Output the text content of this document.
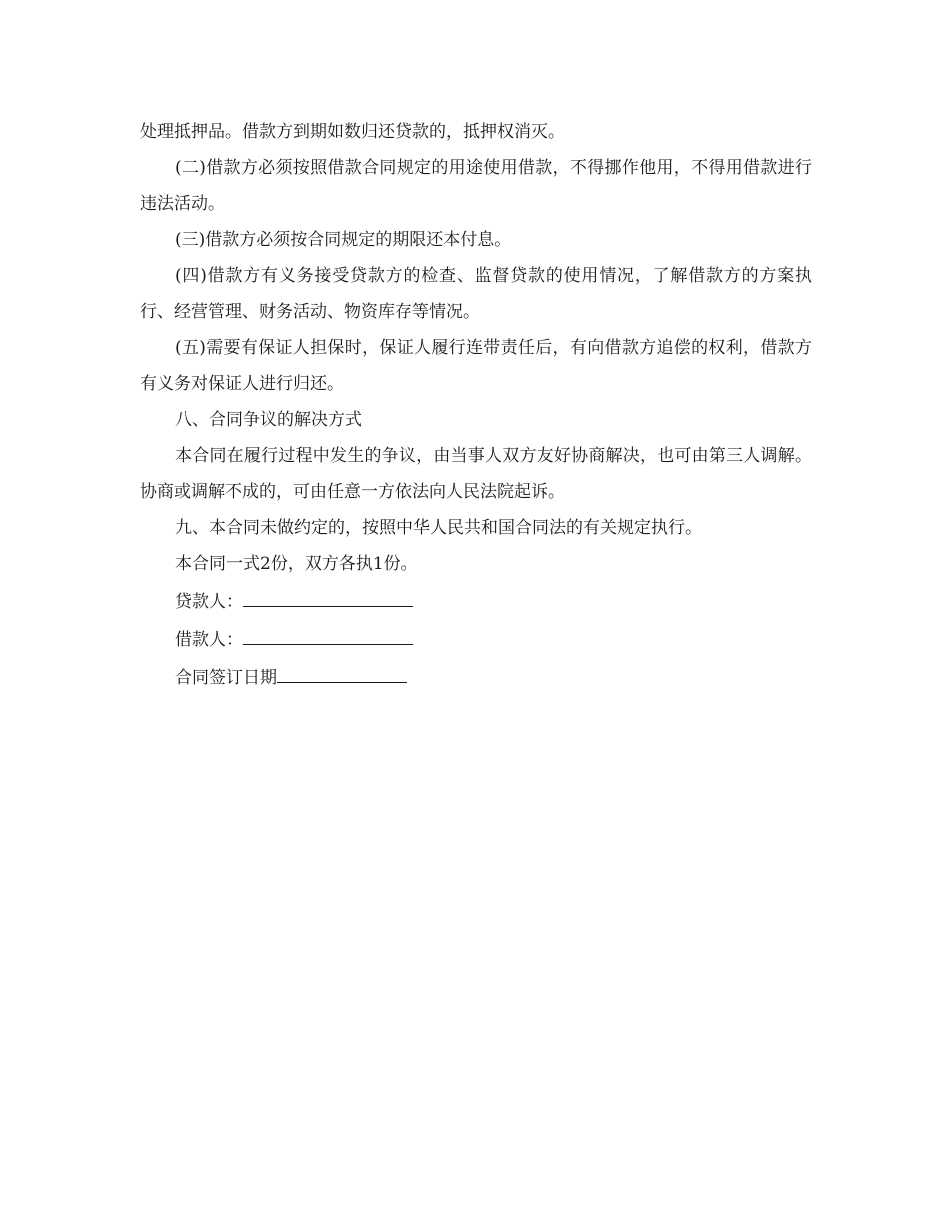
处理抵押品。借款方到期如数归还贷款的，抵押权消灭。

(二)借款方必须按照借款合同规定的用途使用借款，不得挪作他用，不得用借款进行违法活动。

(三)借款方必须按合同规定的期限还本付息。

(四)借款方有义务接受贷款方的检查、监督贷款的使用情况，了解借款方的方案执行、经营管理、财务活动、物资库存等情况。

(五)需要有保证人担保时，保证人履行连带责任后，有向借款方追偿的权利，借款方有义务对保证人进行归还。

八、合同争议的解决方式

本合同在履行过程中发生的争议，由当事人双方友好协商解决，也可由第三人调解。协商或调解不成的，可由任意一方依法向人民法院起诉。

九、本合同未做约定的，按照中华人民共和国合同法的有关规定执行。

本合同一式2份，双方各执1份。

贷款人：
借款人：
合同签订日期
